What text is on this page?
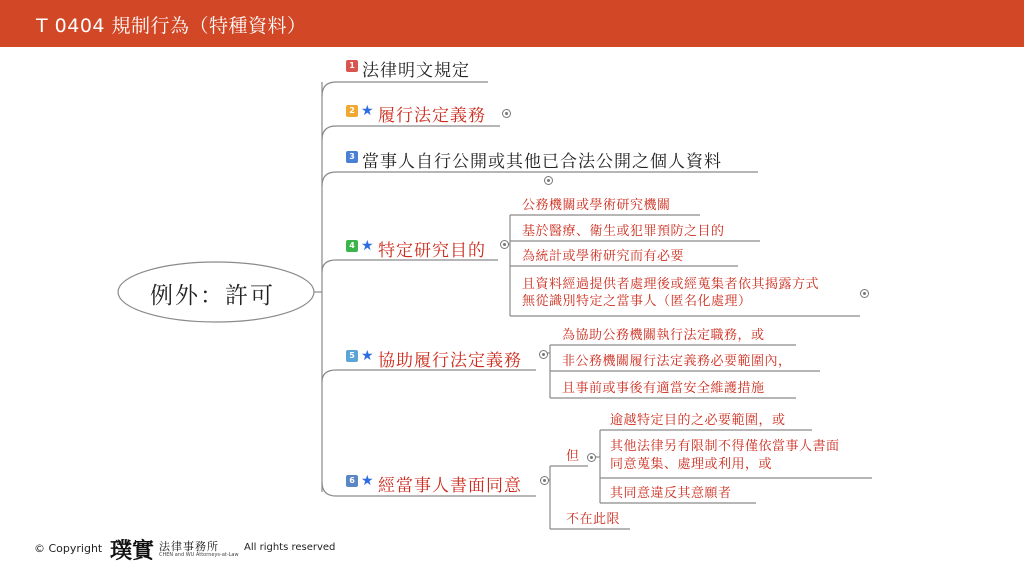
T 0404 規制行為（特種資料）
例外：許可
1 法律明文規定
2 ★ 履行法定義務
3 當事人自行公開或其他已合法公開之個人資料
4 ★ 特定研究目的
公務機關或學術研究機關
基於醫療、衛生或犯罪預防之目的
為統計或學術研究而有必要
且資料經過提供者處理後或經蒐集者依其揭露方式
無從識別特定之當事人（匿名化處理）
5 ★ 協助履行法定義務
為協助公務機關執行法定職務，或
非公務機關履行法定義務必要範圍內，
且事前或事後有適當安全維護措施
6 ★ 經當事人書面同意
但
逾越特定目的之必要範圍，或
其他法律另有限制不得僅依當事人書面
同意蒐集、處理或利用，或
其同意違反其意願者
不在此限
© Copyright 璞實 法律事務所
CHEN and WU Attorneys-at-Law
All rights reserved
